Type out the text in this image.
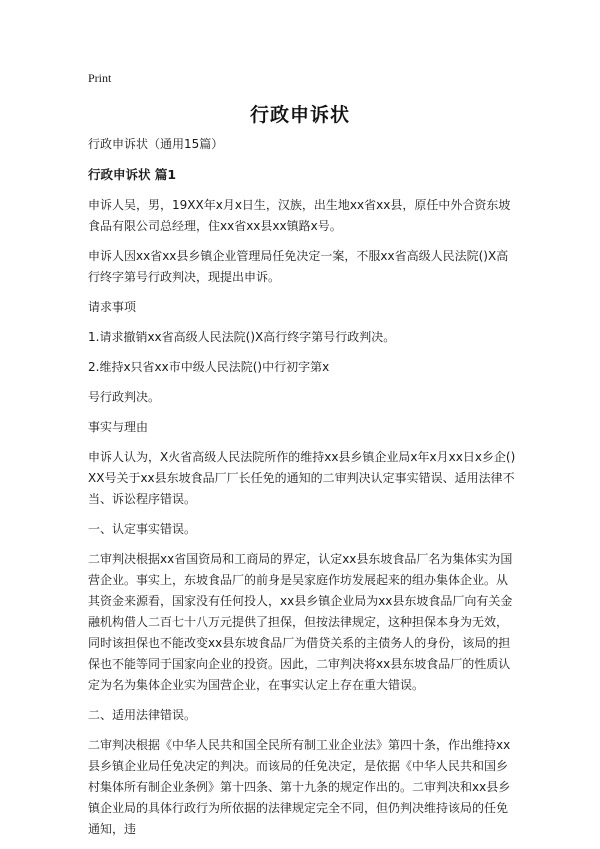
Print
行政申诉状

行政申诉状（通用15篇）

行政申诉状 篇1

申诉人吴，男，19XX年x月x日生，汉族，出生地xx省xx县，原任中外合资东坡食品有限公司总经理，住xx省xx县xx镇路x号。

申诉人因xx省xx县乡镇企业管理局任免决定一案，不服xx省高级人民法院()X高行终字第号行政判决，现提出申诉。

请求事项

1.请求撤销xx省高级人民法院()X高行终字第号行政判决。

2.维持x只省xx市中级人民法院()中行初字第x

号行政判决。

事实与理由

申诉人认为，X火省高级人民法院所作的维持xx县乡镇企业局x年x月xx日x乡企()XX号关于xx县东坡食品厂厂长任免的通知的二审判决认定事实错误、适用法律不当、诉讼程序错误。

一、认定事实错误。

二审判决根据xx省国资局和工商局的界定，认定xx县东坡食品厂名为集体实为国营企业。事实上，东坡食品厂的前身是吴家庭作坊发展起来的组办集体企业。从其资金来源看，国家没有任何投人，xx县乡镇企业局为xx县东坡食品厂向有关金融机构借人二百七十八万元提供了担保，但按法律规定，这种担保本身为无效，同时该担保也不能改变xx县东坡食品厂为借贷关系的主债务人的身份，该局的担保也不能等同于国家向企业的投资。因此，二审判决将xx县东坡食品厂的性质认定为名为集体企业实为国营企业，在事实认定上存在重大错误。

二、适用法律错误。

二审判决根据《中华人民共和国全民所有制工业企业法》第四十条，作出维持xx县乡镇企业局任免决定的判决。而该局的任免决定，是依据《中华人民共和国乡村集体所有制企业条例》第十四条、第十九条的规定作出的。二审判决和xx县乡镇企业局的具体行政行为所依据的法律规定完全不同，但仍判决维持该局的任免通知，违
